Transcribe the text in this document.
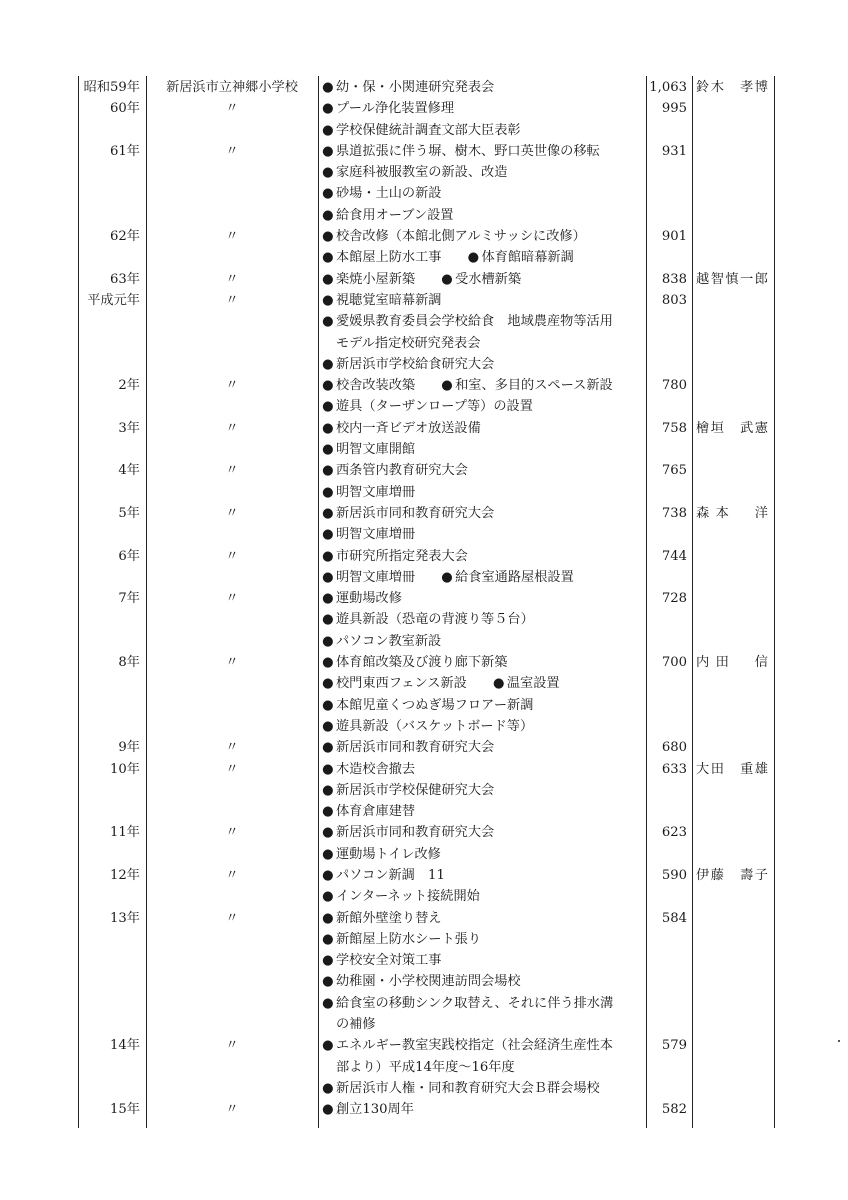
昭和59年	新居浜市立神郷小学校	● 幼・保・小関連研究発表会	1,063 鈴木　孝博
60年	〃	● プール浄化装置修理	995
● 学校保健統計調査文部大臣表彰
61年	〃	● 県道拡張に伴う塀、樹木、野口英世像の移転	931
● 家庭科被服教室の新設、改造
● 砂場・土山の新設
● 給食用オーブン設置
62年	〃	● 校舎改修（本館北側アルミサッシに改修）	901
● 本館屋上防水工事 ● 体育館暗幕新調
63年	〃	● 楽焼小屋新築 ● 受水槽新築	838 越智慎一郎
平成元年	〃	● 視聴覚室暗幕新調	803
● 愛媛県教育委員会学校給食　地域農産物等活用
モデル指定校研究発表会
● 新居浜市学校給食研究大会
2年	〃	● 校舎改装改築 ● 和室、多目的スペース新設	780
● 遊具（ターザンロープ等）の設置
3年	〃	● 校内一斉ビデオ放送設備	758 檜垣　武憲
● 明智文庫開館
4年	〃	● 西条管内教育研究大会	765
● 明智文庫増冊
5年	〃	● 新居浜市同和教育研究大会	738 森本　洋
● 明智文庫増冊
6年	〃	● 市研究所指定発表大会	744
● 明智文庫増冊 ● 給食室通路屋根設置
7年	〃	● 運動場改修	728
● 遊具新設（恐竜の背渡り等５台）
● パソコン教室新設
8年	〃	● 体育館改築及び渡り廊下新築	700 内田　信
● 校門東西フェンス新設 ● 温室設置
● 本館児童くつぬぎ場フロアー新調
● 遊具新設（バスケットボード等）
9年	〃	● 新居浜市同和教育研究大会	680
10年	〃	● 木造校舎撤去	633 大田　重雄
● 新居浜市学校保健研究大会
● 体育倉庫建替
11年	〃	● 新居浜市同和教育研究大会	623
● 運動場トイレ改修
12年	〃	● パソコン新調　11	590 伊藤　壽子
● インターネット接続開始
13年	〃	● 新館外壁塗り替え	584
● 新館屋上防水シート張り
● 学校安全対策工事
● 幼稚園・小学校関連訪問会場校
● 給食室の移動シンク取替え、それに伴う排水溝
の補修
14年	〃	● エネルギー教室実践校指定（社会経済生産性本	579
部より）平成14年度～16年度
● 新居浜市人権・同和教育研究大会Ｂ群会場校
15年	〃	● 創立130周年	582
